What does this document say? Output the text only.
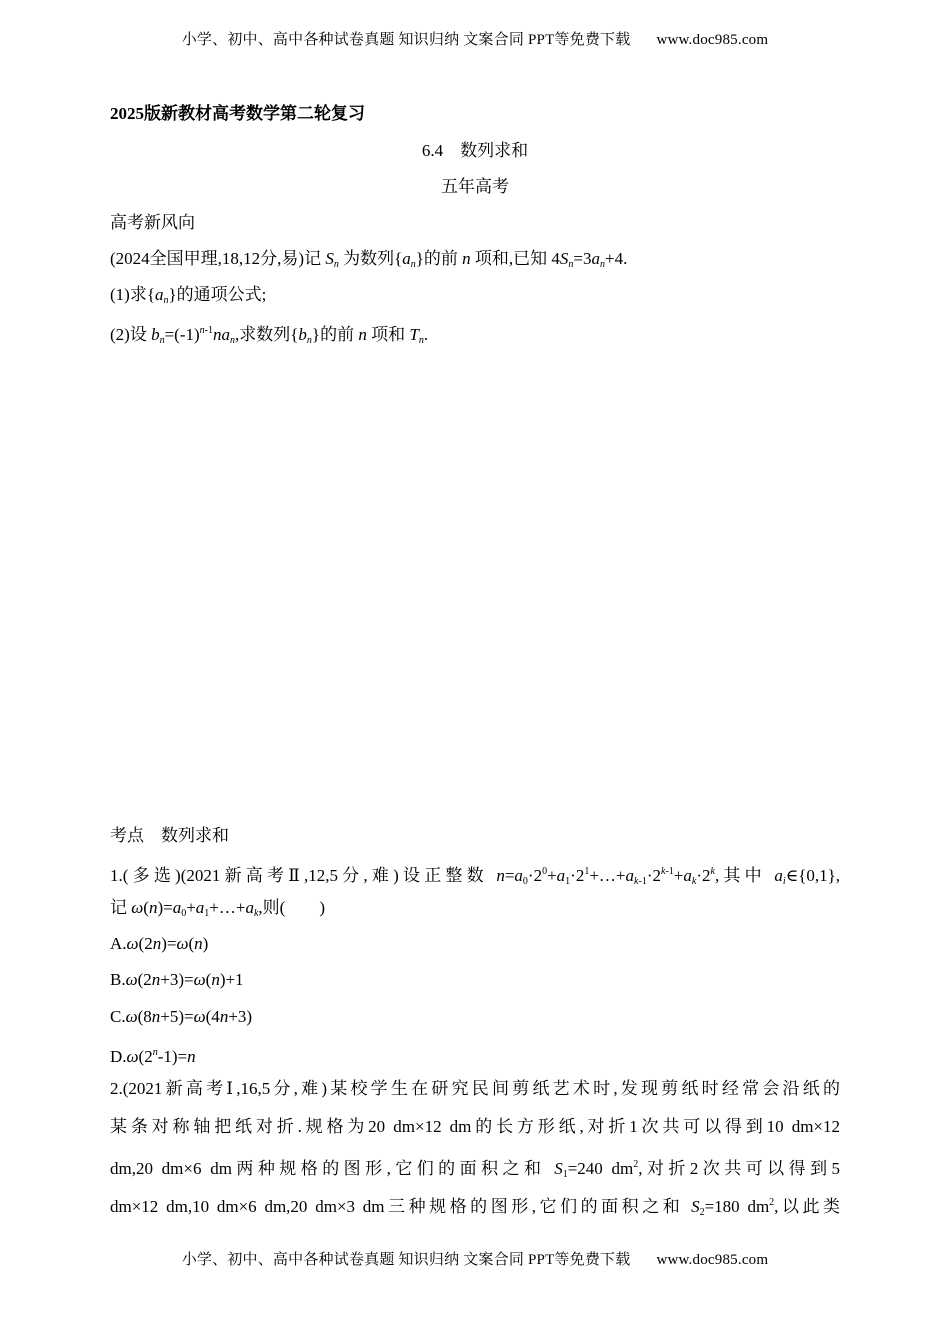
小学、初中、高中各种试卷真题 知识归纳 文案合同 PPT等免费下载 www.doc985.com
2025版新教材高考数学第二轮复习
6.4　数列求和
五年高考
高考新风向
(2024全国甲理,18,12分,易)记 $S_n$ 为数列$\{a_n\}$的前 n 项和,已知 $4S_n=3a_n+4$.
(1)求$\{a_n\}$的通项公式;
(2)设 $b_n=(-1)^{n-1}na_n$,求数列$\{b_n\}$的前 n 项和 $T_n$.
考点　数列求和
1.(多选)(2021新高考Ⅱ,12,5分,难)设正整数 $n=a_0\cdot 2^0+a_1\cdot 2^1+\dots+a_{k-1}\cdot 2^{k-1}+a_k\cdot 2^k$,其中 $a_i\in\{0,1\}$,
记 $\omega(n)=a_0+a_1+\dots+a_k$,则(　　)
A.ω(2n)=ω(n)
B.ω(2n+3)=ω(n)+1
C.ω(8n+5)=ω(4n+3)
$D.\omega(2^n-1)=n$
2.(2021新高考Ⅰ,16,5分,难)某校学生在研究民间剪纸艺术时,发现剪纸时经常会沿纸的
某条对称轴把纸对折.规格为20 dm×12 dm的长方形纸,对折1次共可以得到10 dm×12
dm,20 dm×6 dm两种规格的图形,它们的面积之和 $S_1=240$ $dm^2$,对折2次共可以得到5
dm×12 dm,10 dm×6 dm,20 dm×3 dm三种规格的图形,它们的面积之和 $S_2=180$ $dm^2$,以此类
小学、初中、高中各种试卷真题 知识归纳 文案合同 PPT等免费下载 www.doc985.com
